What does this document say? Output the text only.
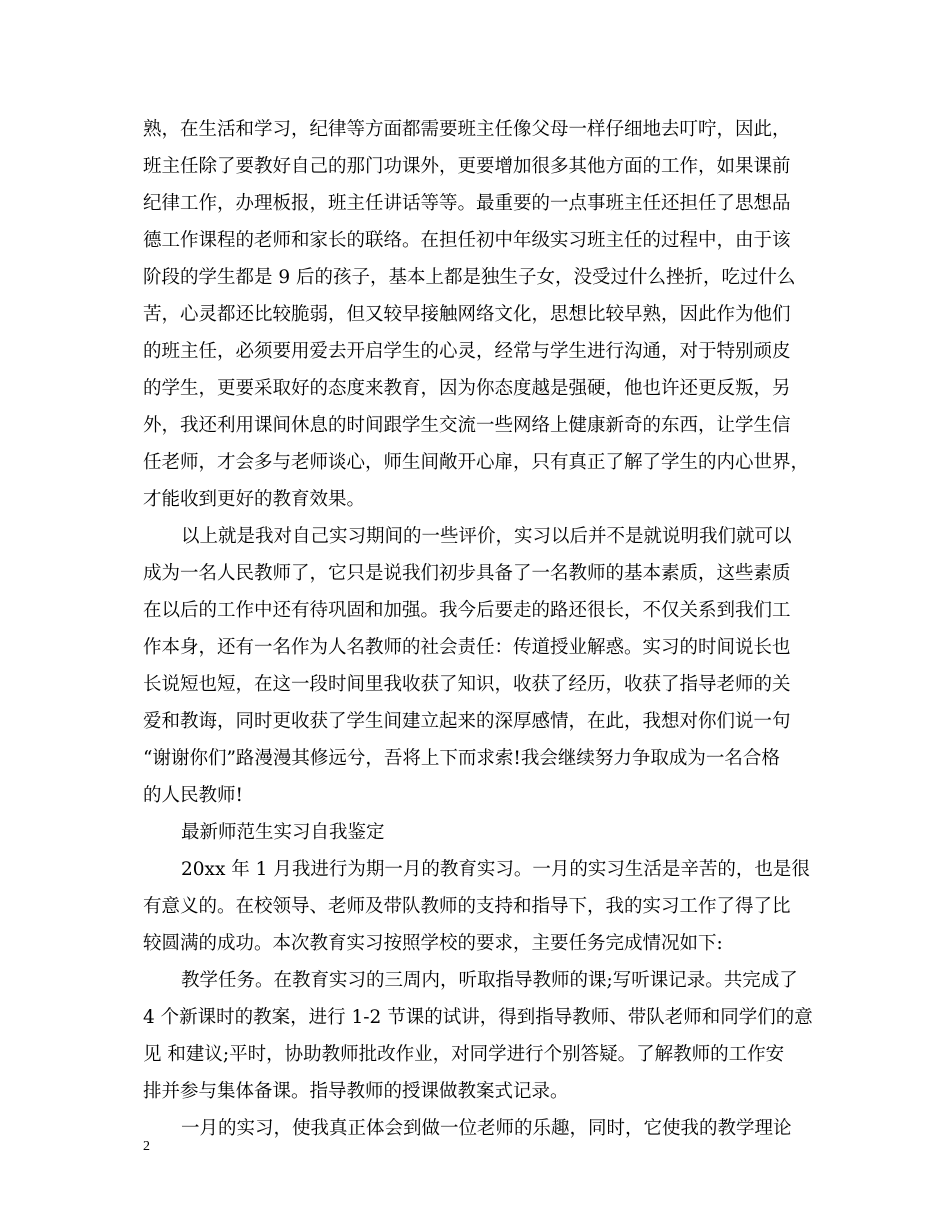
熟，在生活和学习，纪律等方面都需要班主任像父母一样仔细地去叮咛，因此，
班主任除了要教好自己的那门功课外，更要增加很多其他方面的工作，如果课前
纪律工作，办理板报，班主任讲话等等。最重要的一点事班主任还担任了思想品
德工作课程的老师和家长的联络。在担任初中年级实习班主任的过程中，由于该
阶段的学生都是 9 后的孩子，基本上都是独生子女，没受过什么挫折，吃过什么
苦，心灵都还比较脆弱，但又较早接触网络文化，思想比较早熟，因此作为他们
的班主任，必须要用爱去开启学生的心灵，经常与学生进行沟通，对于特别顽皮
的学生，更要采取好的态度来教育，因为你态度越是强硬，他也许还更反叛，另
外，我还利用课间休息的时间跟学生交流一些网络上健康新奇的东西，让学生信
任老师，才会多与老师谈心，师生间敞开心扉，只有真正了解了学生的内心世界，
才能收到更好的教育效果。
以上就是我对自己实习期间的一些评价，实习以后并不是就说明我们就可以
成为一名人民教师了，它只是说我们初步具备了一名教师的基本素质，这些素质
在以后的工作中还有待巩固和加强。我今后要走的路还很长，不仅关系到我们工
作本身，还有一名作为人名教师的社会责任：传道授业解惑。实习的时间说长也
长说短也短，在这一段时间里我收获了知识，收获了经历，收获了指导老师的关
爱和教诲，同时更收获了学生间建立起来的深厚感情，在此，我想对你们说一句
“谢谢你们”路漫漫其修远兮，吾将上下而求索!我会继续努力争取成为一名合格
的人民教师!
最新师范生实习自我鉴定
20xx 年 1 月我进行为期一月的教育实习。一月的实习生活是辛苦的，也是很
有意义的。在校领导、老师及带队教师的支持和指导下，我的实习工作了得了比
较圆满的成功。本次教育实习按照学校的要求，主要任务完成情况如下:
教学任务。在教育实习的三周内，听取指导教师的课;写听课记录。共完成了
4 个新课时的教案，进行 1-2 节课的试讲，得到指导教师、带队老师和同学们的意
见 和建议;平时，协助教师批改作业，对同学进行个别答疑。了解教师的工作安
排并参与集体备课。指导教师的授课做教案式记录。
一月的实习，使我真正体会到做一位老师的乐趣，同时，它使我的教学理论
2
